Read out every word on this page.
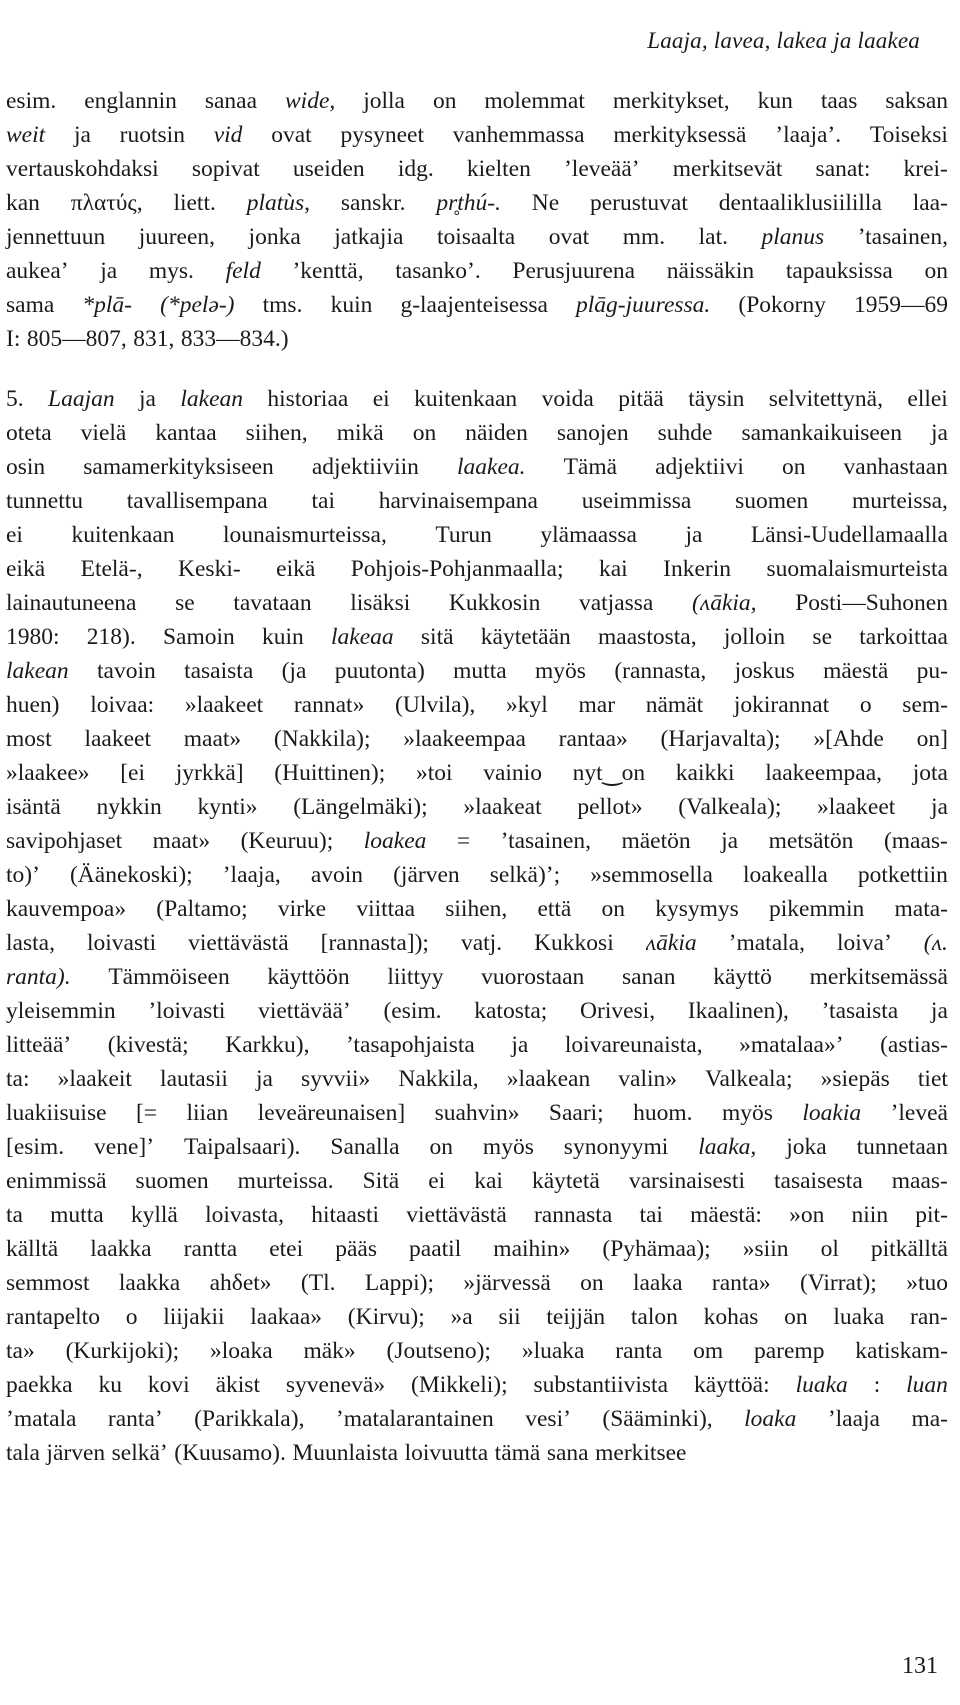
Laaja, lavea, lakea ja laakea
esim. englannin sanaa wide, jolla on molemmat merkitykset, kun taas saksan
weit ja ruotsin vid ovat pysyneet vanhemmassa merkityksessä ’laaja’. Toiseksi
vertauskohdaksi sopivat useiden idg. kielten ’leveää’ merkitsevät sanat: krei-
kan πλατύς, liett. platùs, sanskr. pr̥thú-. Ne perustuvat dentaaliklusiililla laa-
jennettuun juureen, jonka jatkajia toisaalta ovat mm. lat. planus ’tasainen,
aukea’ ja mys. feld ’kenttä, tasanko’. Perusjuurena näissäkin tapauksissa on
sama *plā- (*pelə-) tms. kuin g-laajenteisessa plāg-juuressa. (Pokorny 1959—69
I: 805—807, 831, 833—834.)
5. Laajan ja lakean historiaa ei kuitenkaan voida pitää täysin selvitettynä, ellei
oteta vielä kantaa siihen, mikä on näiden sanojen suhde samankaikuiseen ja
osin samamerkityksiseen adjektiiviin laakea. Tämä adjektiivi on vanhastaan
tunnettu tavallisempana tai harvinaisempana useimmissa suomen murteissa,
ei kuitenkaan lounaismurteissa, Turun ylämaassa ja Länsi-Uudellamaalla
eikä Etelä-, Keski- eikä Pohjois-Pohjanmaalla; kai Inkerin suomalaismurteista
lainautuneena se tavataan lisäksi Kukkosin vatjassa (ʌākia, Posti—Suhonen
1980: 218). Samoin kuin lakeaa sitä käytetään maastosta, jolloin se tarkoittaa
lakean tavoin tasaista (ja puutonta) mutta myös (rannasta, joskus mäestä pu-
huen) loivaa: »laakeet rannat» (Ulvila), »kyl mar nämät jokirannat o sem-
most laakeet maat» (Nakkila); »laakeempaa rantaa» (Harjavalta); »[Ahde on]
»laakee» [ei jyrkkä] (Huittinen); »toi vainio nyt‿on kaikki laakeempaa, jota
isäntä nykkin kynti» (Längelmäki); »laakeat pellot» (Valkeala); »laakeet ja
savipohjaset maat» (Keuruu); loakea = ’tasainen, mäetön ja metsätön (maas-
to)’ (Äänekoski); ’laaja, avoin (järven selkä)’; »semmosella loakealla potkettiin
kauvempoa» (Paltamo; virke viittaa siihen, että on kysymys pikemmin mata-
lasta, loivasti viettävästä [rannasta]); vatj. Kukkosi ʌākia ’matala, loiva’ (ʌ.
ranta). Tämmöiseen käyttöön liittyy vuorostaan sanan käyttö merkitsemässä
yleisemmin ’loivasti viettävää’ (esim. katosta; Orivesi, Ikaalinen), ’tasaista ja
litteää’ (kivestä; Karkku), ’tasapohjaista ja loivareunaista, »matalaa»’ (astias-
ta: »laakeit lautasii ja syvvii» Nakkila, »laakean valin» Valkeala; »siepäs tiet
luakiisuise [= liian leveäreunaisen] suahvin» Saari; huom. myös loakia ’leveä
[esim. vene]’ Taipalsaari). Sanalla on myös synonyymi laaka, joka tunnetaan
enimmissä suomen murteissa. Sitä ei kai käytetä varsinaisesti tasaisesta maas-
ta mutta kyllä loivasta, hitaasti viettävästä rannasta tai mäestä: »on niin pit-
källtä laakka rantta etei pääs paatil maihin» (Pyhämaa); »siin ol pitkälltä
semmost laakka ahδet» (Tl. Lappi); »järvessä on laaka ranta» (Virrat); »tuo
rantapelto o liijakii laakaa» (Kirvu); »a sii teijjän talon kohas on luaka ran-
ta» (Kurkijoki); »loaka mäk» (Joutseno); »luaka ranta om paremp katiskam-
paekka ku kovi äkist syvenevä» (Mikkeli); substantiivista käyttöä: luaka : luan
’matala ranta’ (Parikkala), ’matalarantainen vesi’ (Sääminki), loaka ’laaja ma-
tala järven selkä’ (Kuusamo). Muunlaista loivuutta tämä sana merkitsee
131
